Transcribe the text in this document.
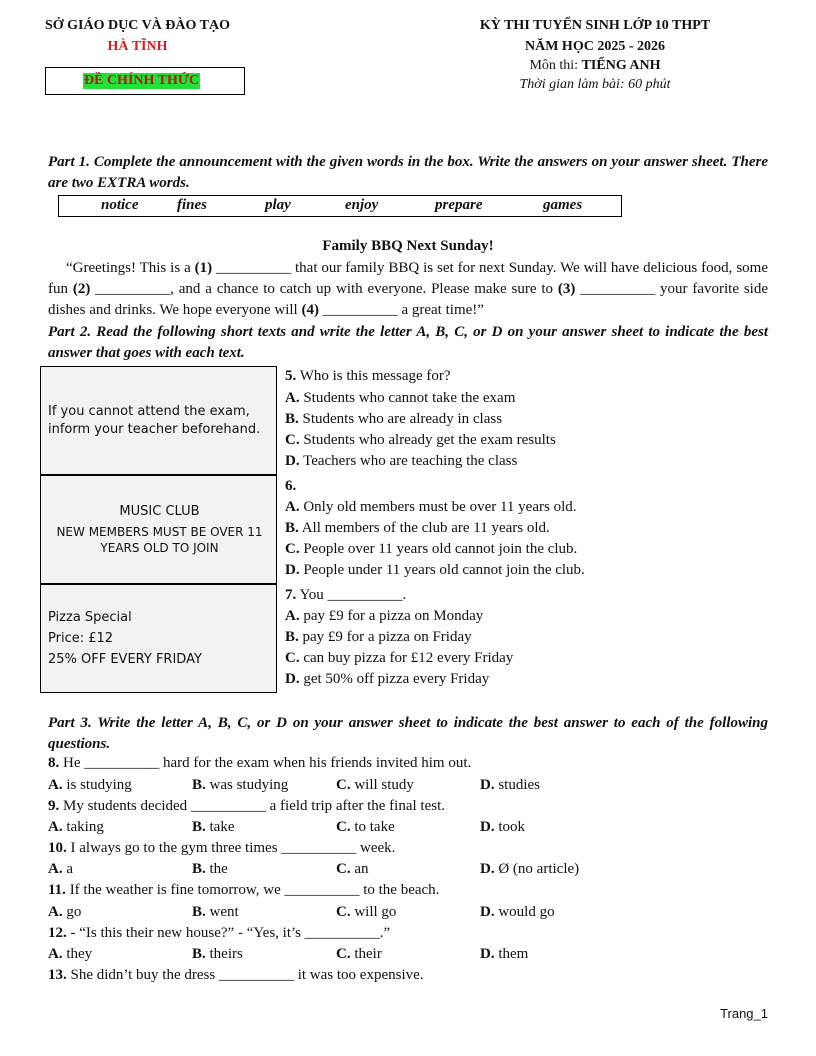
SỞ GIÁO DỤC VÀ ĐÀO TẠO
HÀ TĨNH
ĐỀ CHÍNH THỨC
KỲ THI TUYỂN SINH LỚP 10 THPT
NĂM HỌC 2025 - 2026
Môn thi: TIẾNG ANH
Thời gian làm bài: 60 phút
Part 1. Complete the announcement with the given words in the box. Write the answers on your answer sheet. There are two EXTRA words.
notice	fines	play	enjoy	prepare	games
Family BBQ Next Sunday!
“Greetings! This is a (1) __________ that our family BBQ is set for next Sunday. We will have delicious food, some fun (2) __________, and a chance to catch up with everyone. Please make sure to (3) __________ your favorite side dishes and drinks. We hope everyone will (4) __________ a great time!”
Part 2. Read the following short texts and write the letter A, B, C, or D on your answer sheet to indicate the best answer that goes with each text.
If you cannot attend the exam,
inform your teacher beforehand.
MUSIC CLUB
NEW MEMBERS MUST BE OVER 11
YEARS OLD TO JOIN
Pizza Special
Price: £12
25% OFF EVERY FRIDAY
5. Who is this message for?
A. Students who cannot take the exam
B. Students who are already in class
C. Students who already get the exam results
D. Teachers who are teaching the class
6.
A. Only old members must be over 11 years old.
B. All members of the club are 11 years old.
C. People over 11 years old cannot join the club.
D. People under 11 years old cannot join the club.
7. You __________.
A. pay £9 for a pizza on Monday
B. pay £9 for a pizza on Friday
C. can buy pizza for £12 every Friday
D. get 50% off pizza every Friday
Part 3. Write the letter A, B, C, or D on your answer sheet to indicate the best answer to each of the following questions.
8. He __________ hard for the exam when his friends invited him out.
A. is studying	B. was studying	C. will study	D. studies
9. My students decided __________ a field trip after the final test.
A. taking	B. take	C. to take	D. took
10. I always go to the gym three times __________ week.
A. a	B. the	C. an	D. Ø (no article)
11. If the weather is fine tomorrow, we __________ to the beach.
A. go	B. went	C. will go	D. would go
12. - “Is this their new house?” - “Yes, it’s __________.”
A. they	B. theirs	C. their	D. them
13. She didn’t buy the dress __________ it was too expensive.
Trang_1
